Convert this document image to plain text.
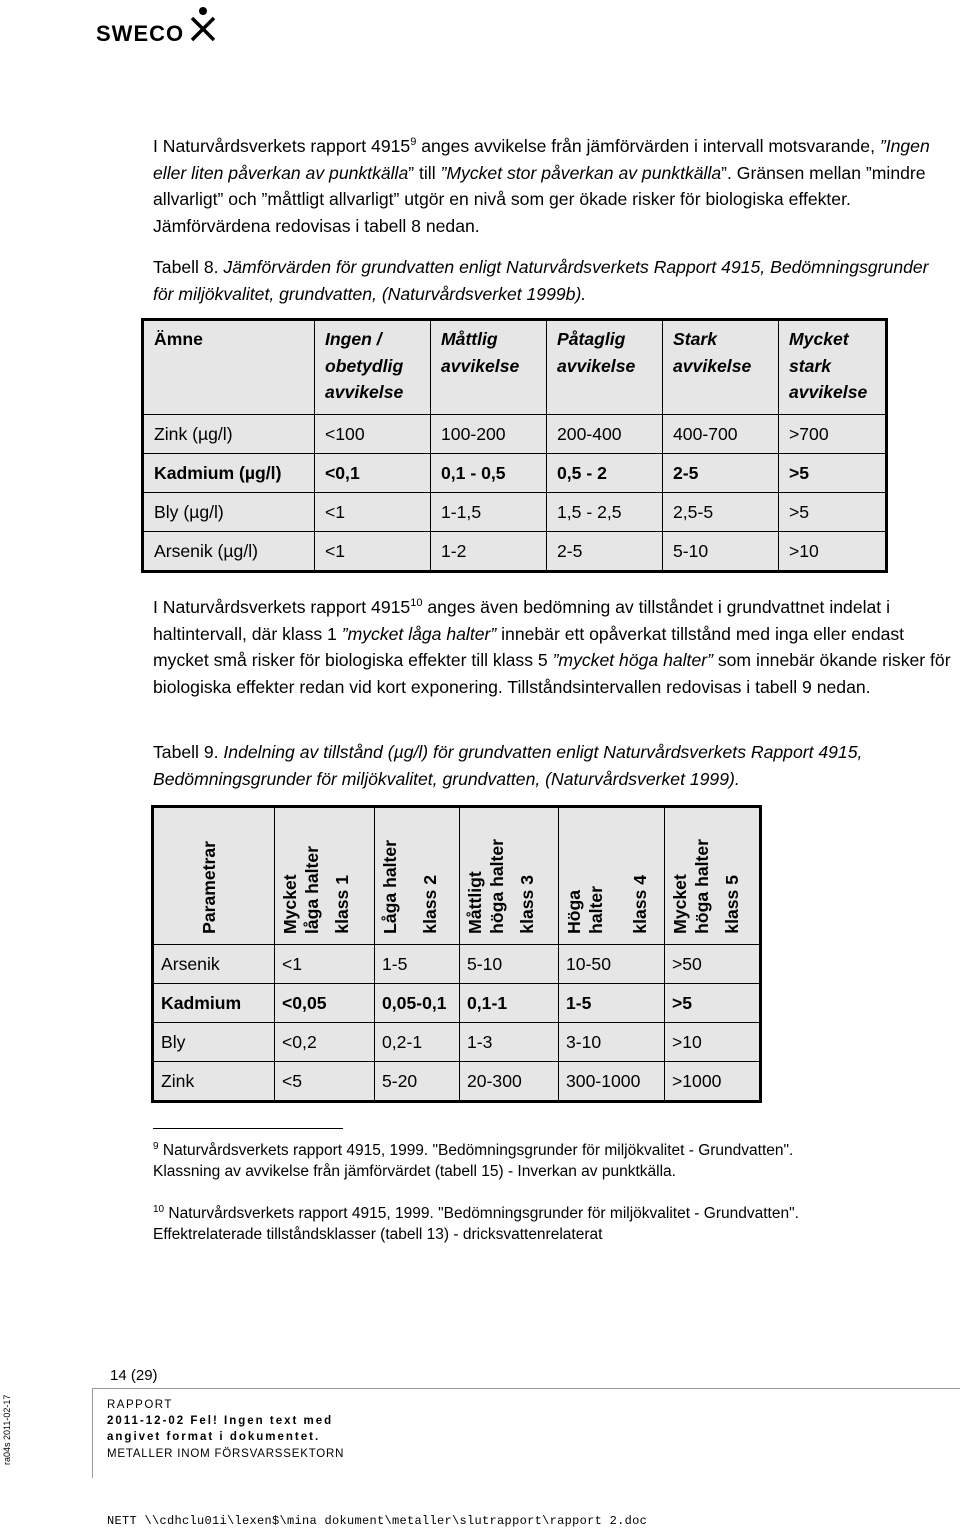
SWECO

I Naturvårdsverkets rapport 4915$^9$ anges avvikelse från jämförvärden i intervall motsvarande, ”Ingen eller liten påverkan av punktkälla” till ”Mycket stor påverkan av punktkälla”. Gränsen mellan ”mindre allvarligt” och ”måttligt allvarligt” utgör en nivå som ger ökade risker för biologiska effekter. Jämförvärdena redovisas i tabell 8 nedan.

Tabell 8. Jämförvärden för grundvatten enligt Naturvårdsverkets Rapport 4915, Bedömningsgrunder för miljökvalitet, grundvatten, (Naturvårdsverket 1999b).

Ämne	Ingen / obetydlig avvikelse	Måttlig avvikelse	Påtaglig avvikelse	Stark avvikelse	Mycket stark avvikelse
Zink (µg/l)	<100	100-200	200-400	400-700	>700
Kadmium (µg/l)	<0,1	0,1 - 0,5	0,5 - 2	2-5	>5
Bly (µg/l)	<1	1-1,5	1,5 - 2,5	2,5-5	>5
Arsenik (µg/l)	<1	1-2	2-5	5-10	>10

I Naturvårdsverkets rapport 4915$^{10}$ anges även bedömning av tillståndet i grundvattnet indelat i haltintervall, där klass 1 ”mycket låga halter” innebär ett opåverkat tillstånd med inga eller endast mycket små risker för biologiska effekter till klass 5 ”mycket höga halter” som innebär ökande risker för biologiska effekter redan vid kort exponering. Tillståndsintervallen redovisas i tabell 9 nedan.

Tabell 9. Indelning av tillstånd (µg/l) för grundvatten enligt Naturvårdsverkets Rapport 4915, Bedömningsgrunder för miljökvalitet, grundvatten, (Naturvårdsverket 1999).

Parametrar	Mycket låga halter klass 1	Låga halter klass 2	Måttligt höga halter klass 3	Höga halter klass 4	Mycket höga halter klass 5

Arsenik	<1	1-5	5-10	10-50	>50
Kadmium	<0,05	0,05-0,1	0,1-1	1-5	>5
Bly	<0,2	0,2-1	1-3	3-10	>10
Zink	<5	5-20	20-300	300-1000	>1000

$^9$ Naturvårdsverkets rapport 4915, 1999. "Bedömningsgrunder för miljökvalitet - Grundvatten".
Klassning av avvikelse från jämförvärdet (tabell 15) - Inverkan av punktkälla.

$^{10}$ Naturvårdsverkets rapport 4915, 1999. "Bedömningsgrunder för miljökvalitet - Grundvatten".
Effektrelaterade tillståndsklasser (tabell 13) - dricksvattenrelaterat

14 (29)
ra04s 2011-02-17	RAPPORT
2011-12-02 Fel! Ingen text med
angivet format i dokumentet.
METALLER INOM FÖRSVARSSEKTORN
NETT \\cdhclu01i\lexen$\mina dokument\metaller\slutrapport\rapport 2.doc
